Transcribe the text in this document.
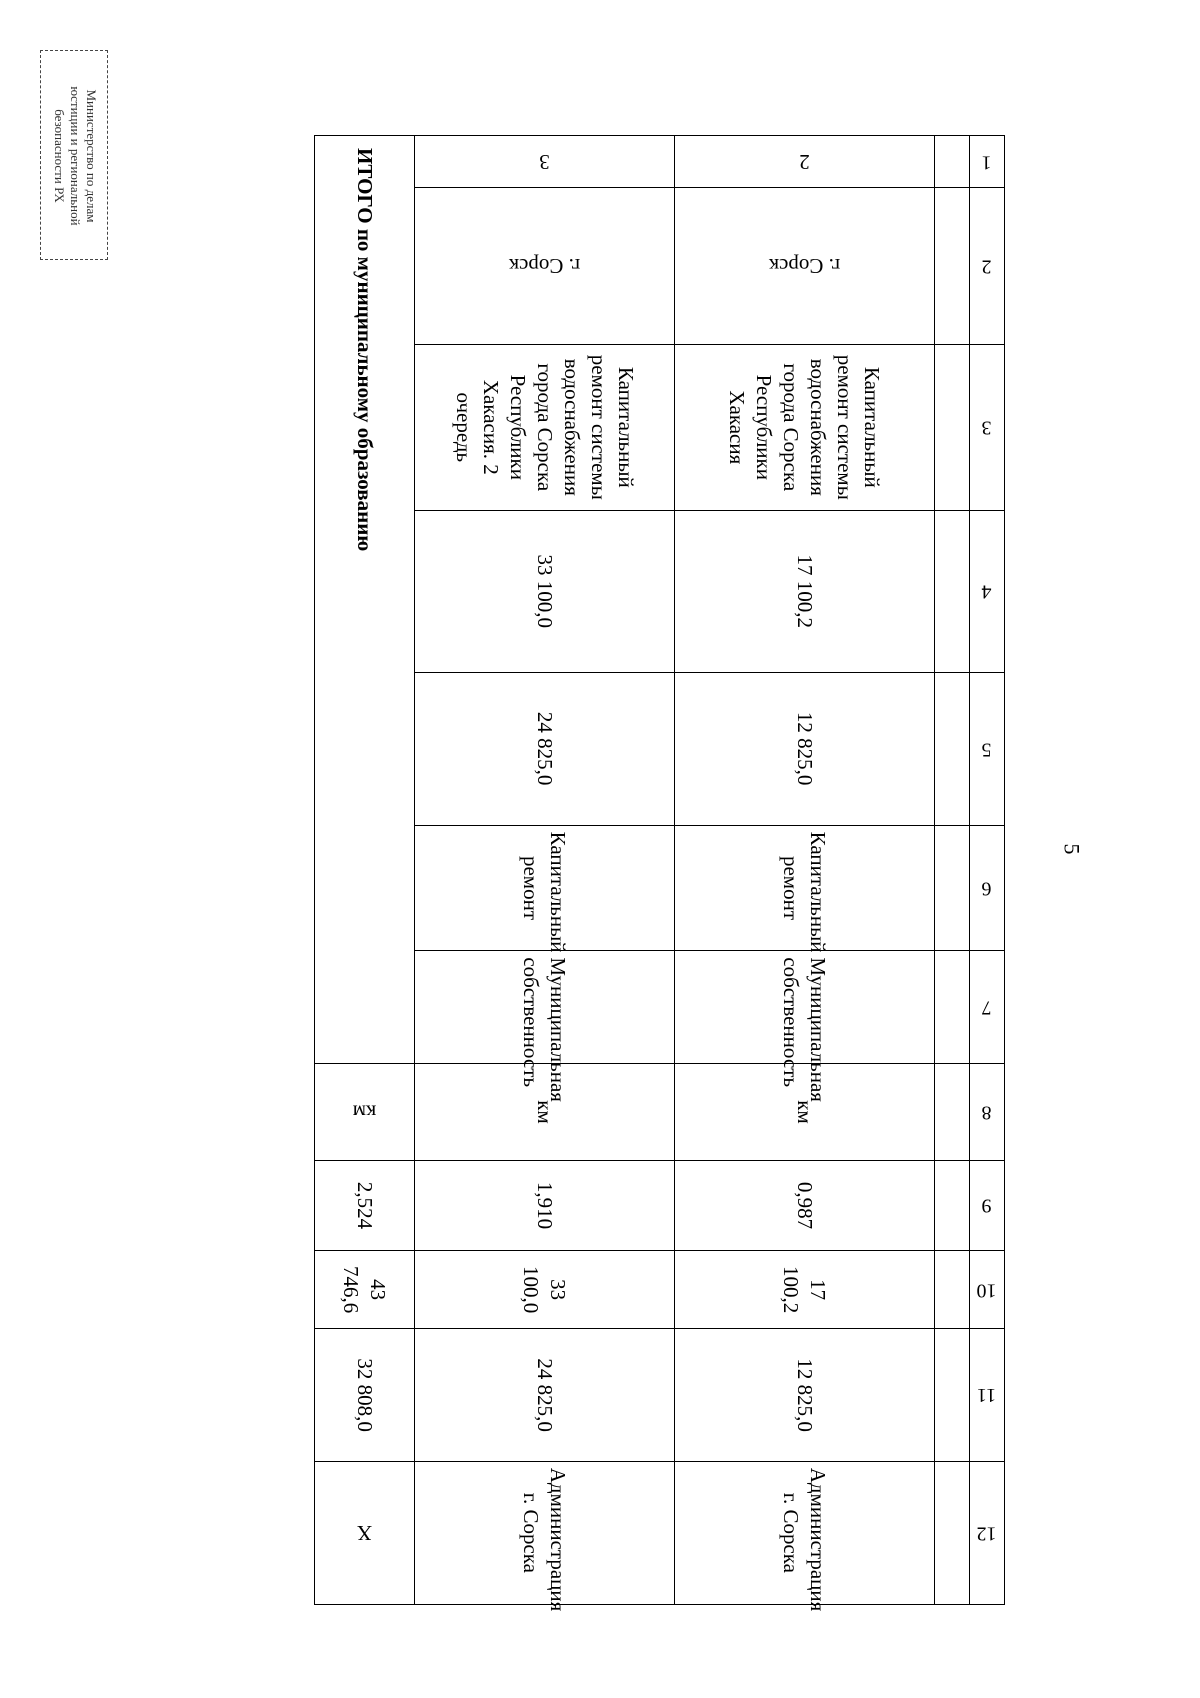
Министерство по делам
юстиции и региональной
безопасности РХ
5
1	2	3	4	5	6	7	8	9	10	11	12

2	г. Сорск	Капитальный ремонт системы водоснабжения города Сорска Республики Хакасия	17 100,2	12 825,0	Капитальный ремонт	Муниципальная собственность	км	0,987	17 100,2	12 825,0	Администрация г. Сорска
3	г. Сорск	Капитальный ремонт системы водоснабжения города Сорска Республики Хакасия. 2 очередь	33 100,0	24 825,0	Капитальный ремонт	Муниципальная собственность	км	1,910	33 100,0	24 825,0	Администрация г. Сорска
ИТОГО по муниципальному образованию							км	2,524	43 746,6	32 808,0	Х
